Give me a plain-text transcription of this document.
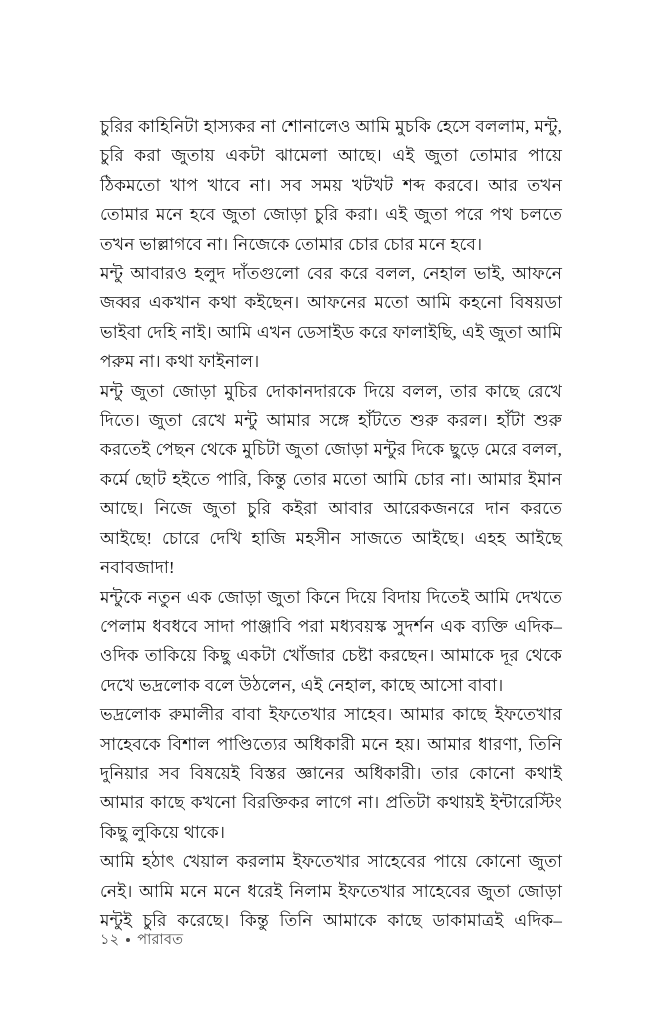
চুরির কাহিনিটা হাস্যকর না শোনালেও আমি মুচকি হেসে বললাম, মন্টু, চুরি করা জুতায় একটা ঝামেলা আছে। এই জুতা তোমার পায়ে ঠিকমতো খাপ খাবে না। সব সময় খটখট শব্দ করবে। আর তখন তোমার মনে হবে জুতা জোড়া চুরি করা। এই জুতা পরে পথ চলতে তখন ভাল্লাগবে না। নিজেকে তোমার চোর চোর মনে হবে।

মন্টু আবারও হলুদ দাঁতগুলো বের করে বলল, নেহাল ভাই, আফনে জব্বর একখান কথা কইছেন। আফনের মতো আমি কহনো বিষয়ডা ভাইবা দেহি নাই। আমি এখন ডেসাইড করে ফালাইছি, এই জুতা আমি পরুম না। কথা ফাইনাল।

মন্টু জুতা জোড়া মুচির দোকানদারকে দিয়ে বলল, তার কাছে রেখে দিতে। জুতা রেখে মন্টু আমার সঙ্গে হাঁটতে শুরু করল। হাঁটা শুরু করতেই পেছন থেকে মুচিটা জুতা জোড়া মন্টুর দিকে ছুড়ে মেরে বলল, কর্মে ছোট হইতে পারি, কিন্তু তোর মতো আমি চোর না। আমার ইমান আছে। নিজে জুতা চুরি কইরা আবার আরেকজনরে দান করতে আইছে! চোরে দেখি হাজি মহসীন সাজতে আইছে। এহহ আইছে নবাবজাদা!

মন্টুকে নতুন এক জোড়া জুতা কিনে দিয়ে বিদায় দিতেই আমি দেখতে পেলাম ধবধবে সাদা পাঞ্জাবি পরা মধ্যবয়স্ক সুদর্শন এক ব্যক্তি এদিক–ওদিক তাকিয়ে কিছু একটা খোঁজার চেষ্টা করছেন। আমাকে দূর থেকে দেখে ভদ্রলোক বলে উঠলেন, এই নেহাল, কাছে আসো বাবা।

ভদ্রলোক রুমালীর বাবা ইফতেখার সাহেব। আমার কাছে ইফতেখার সাহেবকে বিশাল পাণ্ডিত্যের অধিকারী মনে হয়। আমার ধারণা, তিনি দুনিয়ার সব বিষয়েই বিস্তর জ্ঞানের অধিকারী। তার কোনো কথাই আমার কাছে কখনো বিরক্তিকর লাগে না। প্রতিটা কথায়ই ইন্টারেস্টিং কিছু লুকিয়ে থাকে।

আমি হঠাৎ খেয়াল করলাম ইফতেখার সাহেবের পায়ে কোনো জুতা নেই। আমি মনে মনে ধরেই নিলাম ইফতেখার সাহেবের জুতা জোড়া মন্টুই চুরি করেছে। কিন্তু তিনি আমাকে কাছে ডাকামাত্রই এদিক–

১২ পারাবত
